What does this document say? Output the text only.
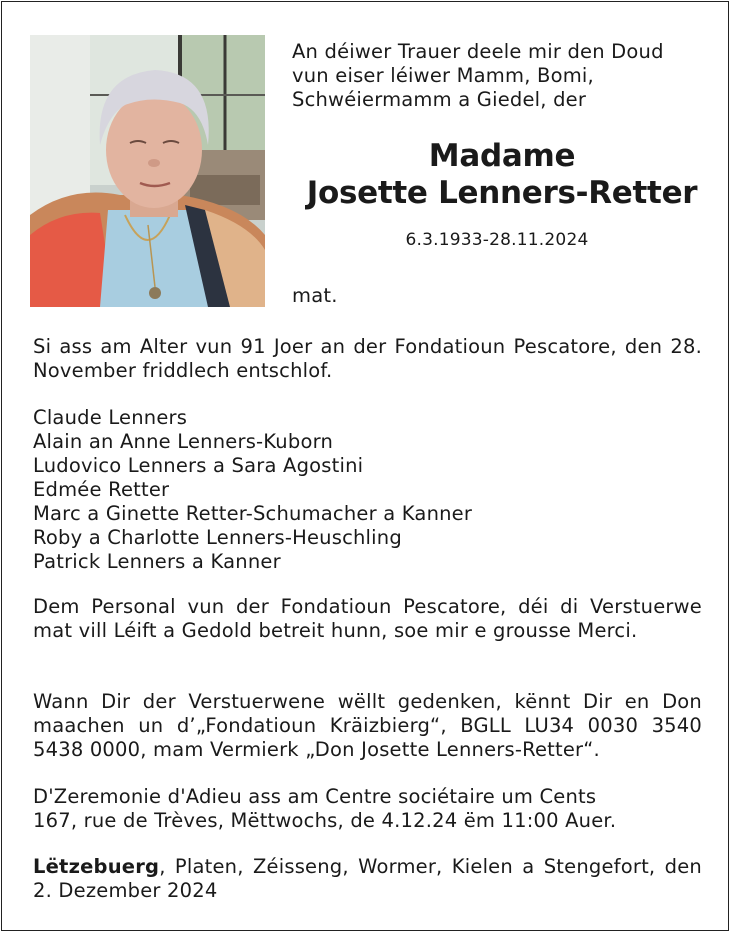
An déiwer Trauer deele mir den Doud
vun eiser léiwer Mamm, Bomi,
Schwéiermamm a Giedel, der
Madame
Josette Lenners-Retter
6.3.1933-28.11.2024
mat.
Si ass am Alter vun 91 Joer an der Fondatioun Pescatore, den 28. November friddlech entschlof.
Claude Lenners
Alain an Anne Lenners-Kuborn
Ludovico Lenners a Sara Agostini
Edmée Retter
Marc a Ginette Retter-Schumacher a Kanner
Roby a Charlotte Lenners-Heuschling
Patrick Lenners a Kanner
Dem Personal vun der Fondatioun Pescatore, déi di Verstuerwe mat vill Léift a Gedold betreit hunn, soe mir e grousse Merci.
Wann Dir der Verstuerwene wëllt gedenken, kënnt Dir en Don maachen un d’„Fondatioun Kräizbierg“, BGLL LU34 0030 3540 5438 0000, mam Vermierk „Don Josette Lenners-Retter“.
D'Zeremonie d'Adieu ass am Centre sociétaire um Cents 167, rue de Trèves, Mëttwochs, de 4.12.24 ëm 11:00 Auer.
Lëtzebuerg, Platen, Zéisseng, Wormer, Kielen a Stengefort, den 2. Dezember 2024
